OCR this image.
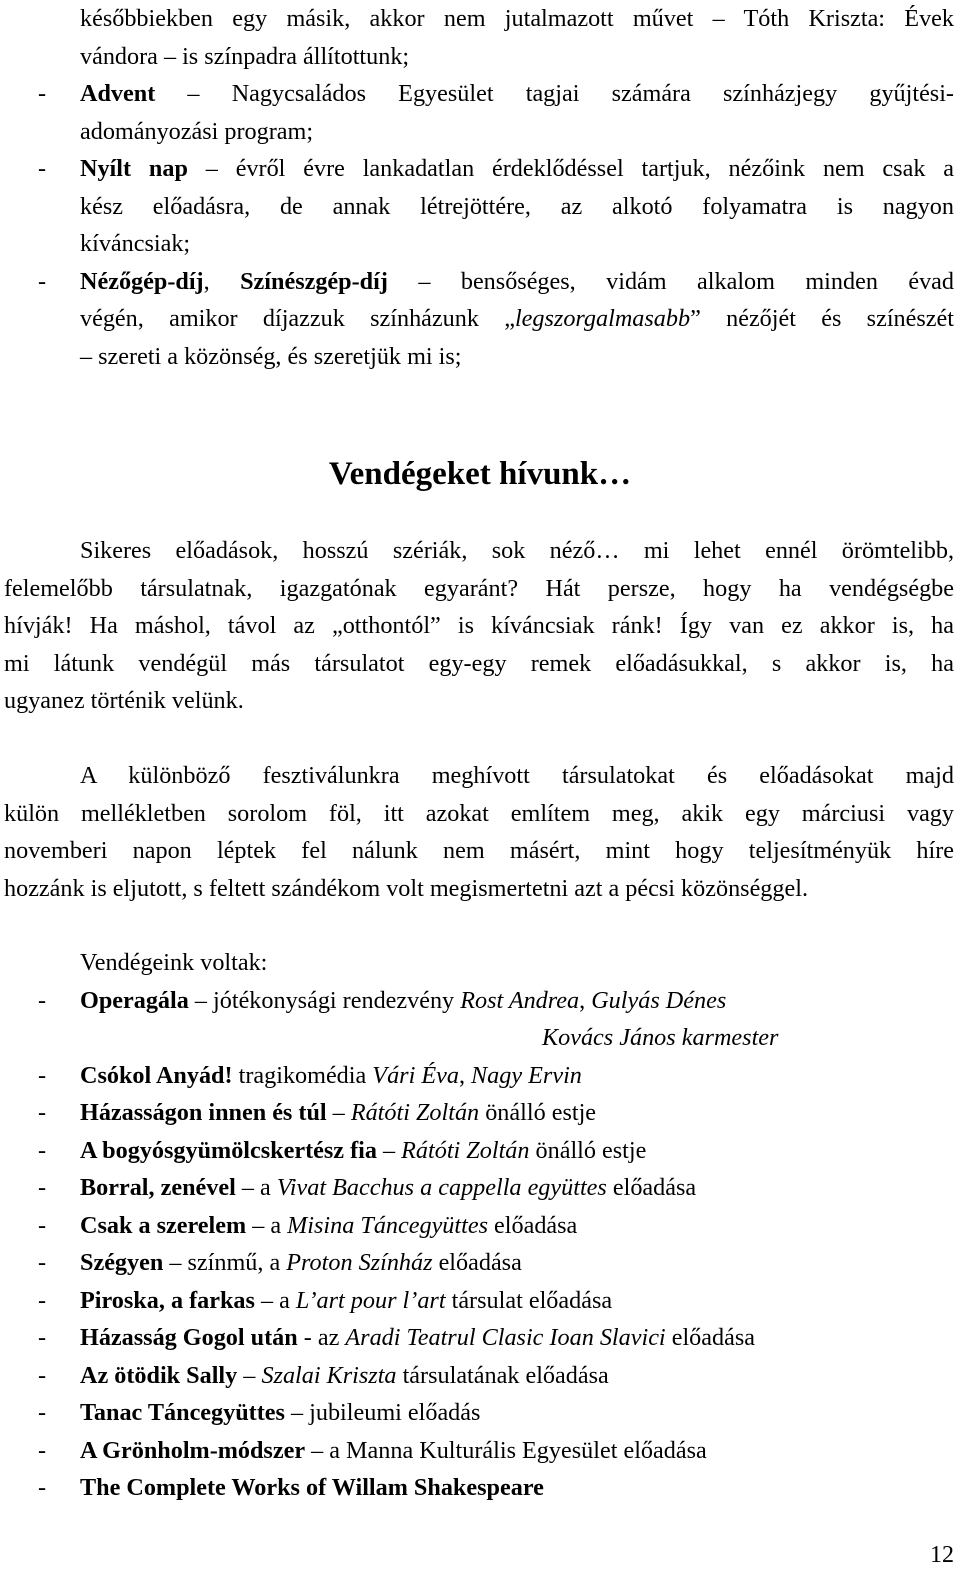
későbbiekben egy másik, akkor nem jutalmazott művet – Tóth Kriszta: Évek
vándora – is színpadra állítottunk;
-	Advent – Nagycsaládos Egyesület tagjai számára színházjegy gyűjtési-
adományozási program;
-	Nyílt nap – évről évre lankadatlan érdeklődéssel tartjuk, nézőink nem csak a
kész előadásra, de annak létrejöttére, az alkotó folyamatra is nagyon
kíváncsiak;
-	Nézőgép-díj, Színészgép-díj – bensőséges, vidám alkalom minden évad
végén, amikor díjazzuk színházunk „legszorgalmasabb” nézőjét és színészét
– szereti a közönség, és szeretjük mi is;
Vendégeket hívunk…
Sikeres előadások, hosszú szériák, sok néző… mi lehet ennél örömtelibb,
felemelőbb társulatnak, igazgatónak egyaránt? Hát persze, hogy ha vendégségbe
hívják! Ha máshol, távol az „otthontól” is kíváncsiak ránk! Így van ez akkor is, ha
mi látunk vendégül más társulatot egy-egy remek előadásukkal, s akkor is, ha
ugyanez történik velünk.
A különböző fesztiválunkra meghívott társulatokat és előadásokat majd
külön mellékletben sorolom föl, itt azokat említem meg, akik egy márciusi vagy
novemberi napon léptek fel nálunk nem másért, mint hogy teljesítményük híre
hozzánk is eljutott, s feltett szándékom volt megismertetni azt a pécsi közönséggel.
Vendégeink voltak:
- Operagála – jótékonysági rendezvény Rost Andrea, Gulyás Dénes
- Csókol Anyád! tragikomédia Vári Éva, Nagy Ervin
- Házasságon innen és túl – Rátóti Zoltán önálló estje
- A bogyósgyümölcskertész fia – Rátóti Zoltán önálló estje
- Borral, zenével – a Vivat Bacchus a cappella együttes előadása
- Csak a szerelem – a Misina Táncegyüttes előadása
- Szégyen – színmű, a Proton Színház előadása
- Piroska, a farkas – a L’art pour l’art társulat előadása
- Házasság Gogol után - az Aradi Teatrul Clasic Ioan Slavici előadása
- Az ötödik Sally – Szalai Kriszta társulatának előadása
- Tanac Táncegyüttes – jubileumi előadás
- A Grönholm-módszer – a Manna Kulturális Egyesület előadása
- The Complete Works of Willam Shakespeare
Kovács János karmester
12
